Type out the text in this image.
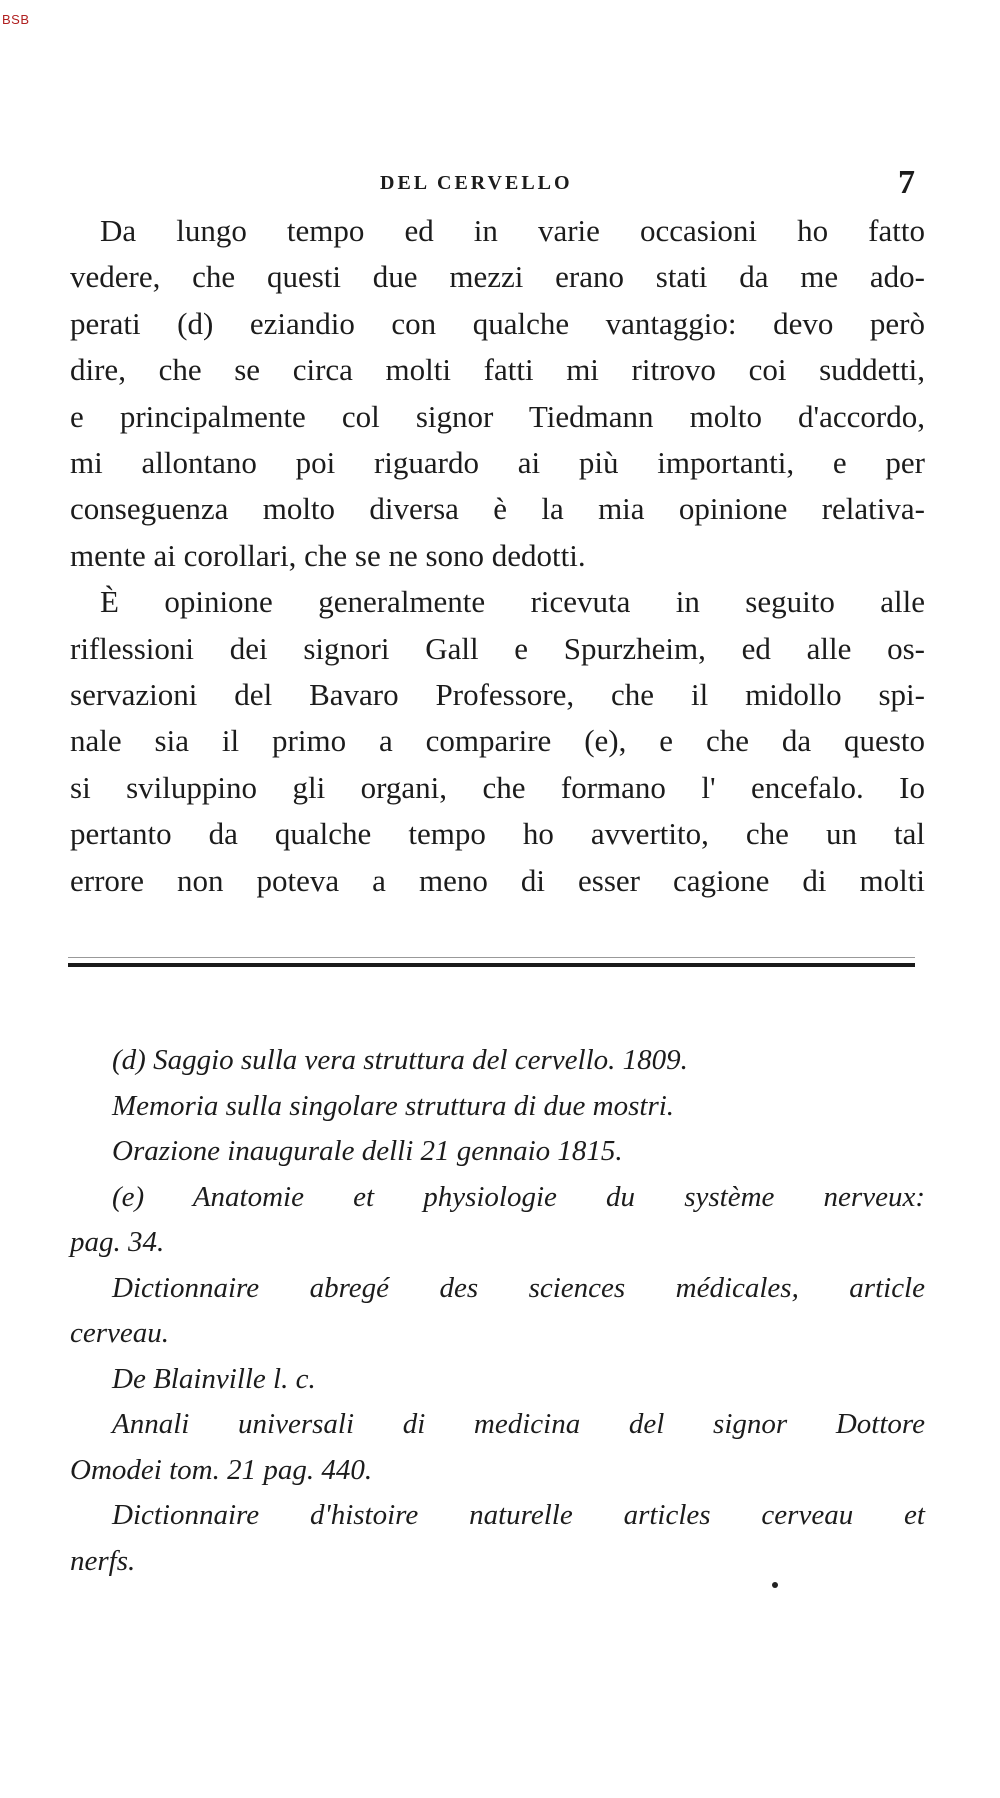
BSB
DEL CERVELLO	7

Da lungo tempo ed in varie occasioni ho fatto
vedere, che questi due mezzi erano stati da me ado-
perati (d) eziandio con qualche vantaggio: devo però
dire, che se circa molti fatti mi ritrovo coi suddetti,
e principalmente col signor Tiedmann molto d'accordo,
mi allontano poi riguardo ai più importanti, e per
conseguenza molto diversa è la mia opinione relativa-
mente ai corollari, che se ne sono dedotti.

È opinione generalmente ricevuta in seguito alle
riflessioni dei signori Gall e Spurzheim, ed alle os-
servazioni del Bavaro Professore, che il midollo spi-
nale sia il primo a comparire (e), e che da questo
si sviluppino gli organi, che formano l' encefalo. Io
pertanto da qualche tempo ho avvertito, che un tal
errore non poteva a meno di esser cagione di molti

(d) Saggio sulla vera struttura del cervello. 1809.
Memoria sulla singolare struttura di due mostri.
Orazione inaugurale delli 21 gennaio 1815.
(e) Anatomie et physiologie du système nerveux:
pag. 34.
Dictionnaire abregé des sciences médicales, article
cerveau.
De Blainville l. c.
Annali universali di medicina del signor Dottore
Omodei tom. 21 pag. 440.
Dictionnaire d'histoire naturelle articles cerveau et
nerfs.
